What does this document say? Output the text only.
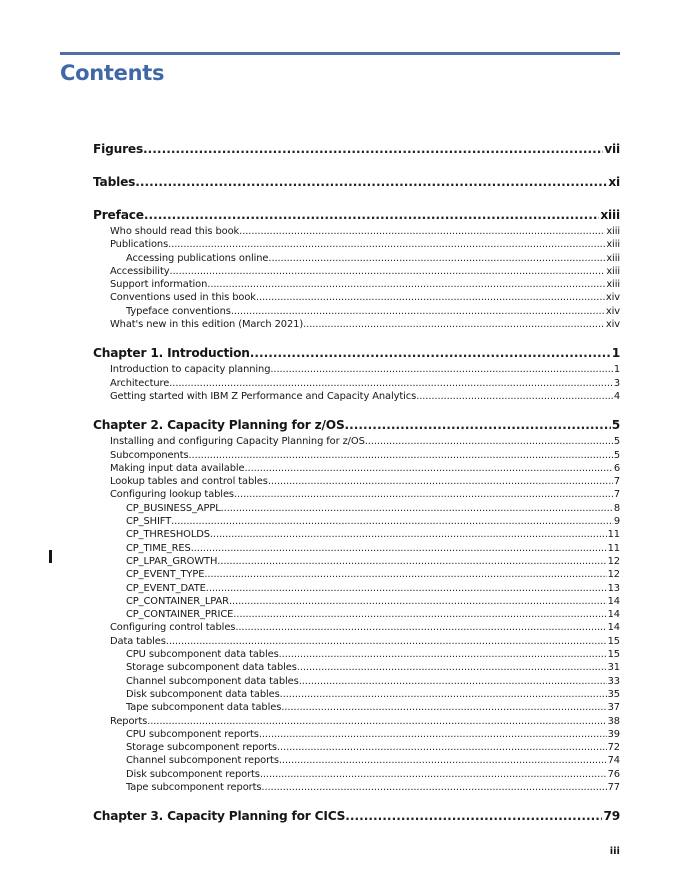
Contents
Figures .....	vii
Tables .....	xi
Preface .....	xiii
Who should read this book .....	xiii
Publications .....	xiii
Accessing publications online .....	xiii
Accessibility .....	xiii
Support information .....	xiii
Conventions used in this book .....	xiv
Typeface conventions .....	xiv
What's new in this edition (March 2021) .....	xiv
Chapter 1. Introduction .....	1
Introduction to capacity planning .....	1
Architecture .....	3
Getting started with IBM Z Performance and Capacity Analytics .....	4
Chapter 2. Capacity Planning for z/OS .....	5
Installing and configuring Capacity Planning for z/OS .....	5
Subcomponents .....	5
Making input data available .....	6
Lookup tables and control tables .....	7
Configuring lookup tables .....	7
CP_BUSINESS_APPL .....	8
CP_SHIFT .....	9
CP_THRESHOLDS .....	11
CP_TIME_RES .....	11
CP_LPAR_GROWTH .....	12
CP_EVENT_TYPE .....	12
CP_EVENT_DATE .....	13
CP_CONTAINER_LPAR .....	14
CP_CONTAINER_PRICE .....	14
Configuring control tables .....	14
Data tables .....	15
CPU subcomponent data tables .....	15
Storage subcomponent data tables .....	31
Channel subcomponent data tables .....	33
Disk subcomponent data tables .....	35
Tape subcomponent data tables .....	37
Reports .....	38
CPU subcomponent reports .....	39
Storage subcomponent reports .....	72
Channel subcomponent reports .....	74
Disk subcomponent reports .....	76
Tape subcomponent reports .....	77
Chapter 3. Capacity Planning for CICS .....	79
iii
